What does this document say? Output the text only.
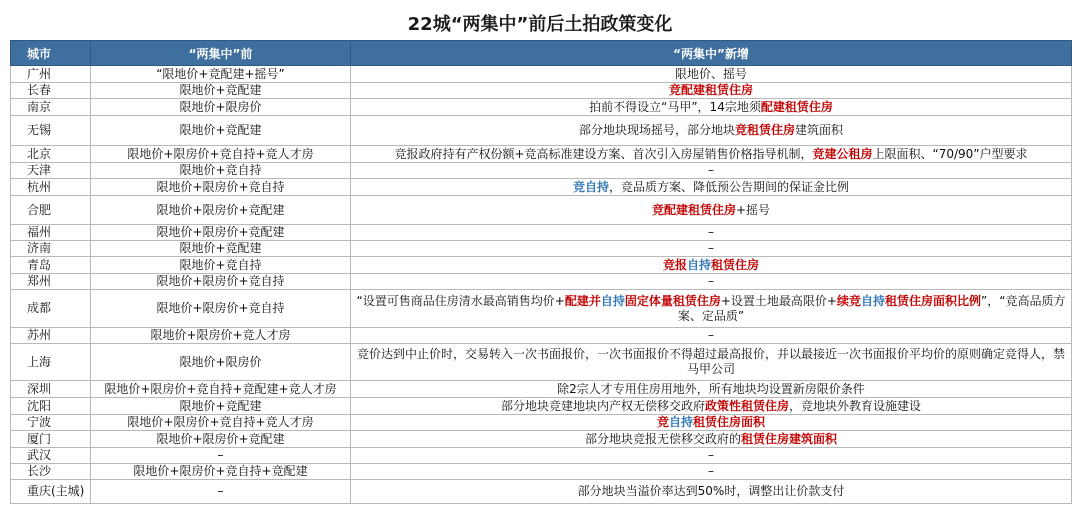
22城“两集中”前后土拍政策变化
城市	“两集中”前	“两集中”新增
广州	“限地价+竞配建+摇号”	限地价、摇号
长春	限地价+竞配建	竞配建租赁住房
南京	限地价+限房价	拍前不得设立“马甲”，14宗地须配建租赁住房
无锡	限地价+竞配建	部分地块现场摇号，部分地块竞租赁住房建筑面积
北京	限地价+限房价+竞自持+竞人才房	竞报政府持有产权份额+竞高标准建设方案、首次引入房屋销售价格指导机制，竞建公租房上限面积、“70/90”户型要求
天津	限地价+竞自持	–
杭州	限地价+限房价+竞自持	竞自持，竞品质方案、降低预公告期间的保证金比例
合肥	限地价+限房价+竞配建	竞配建租赁住房+摇号
福州	限地价+限房价+竞配建	–
济南	限地价+竞配建	–
青岛	限地价+竞自持	竞报自持租赁住房
郑州	限地价+限房价+竞自持	–
成都	限地价+限房价+竞自持	“设置可售商品住房清水最高销售均价+配建并自持固定体量租赁住房+设置土地最高限价+续竞自持租赁住房面积比例”，“竞高品质方案、定品质”
苏州	限地价+限房价+竞人才房	–
上海	限地价+限房价	竞价达到中止价时，交易转入一次书面报价，一次书面报价不得超过最高报价，并以最接近一次书面报价平均价的原则确定竞得人，禁马甲公司
深圳	限地价+限房价+竞自持+竞配建+竞人才房	除2宗人才专用住房用地外，所有地块均设置新房限价条件
沈阳	限地价+竞配建	部分地块竞建地块内产权无偿移交政府政策性租赁住房，竞地块外教育设施建设
宁波	限地价+限房价+竞自持+竞人才房	竞自持租赁住房面积
厦门	限地价+限房价+竞配建	部分地块竞报无偿移交政府的租赁住房建筑面积
武汉	–	–
长沙	限地价+限房价+竞自持+竞配建	–
重庆(主城)	–	部分地块当溢价率达到50%时，调整出让价款支付
